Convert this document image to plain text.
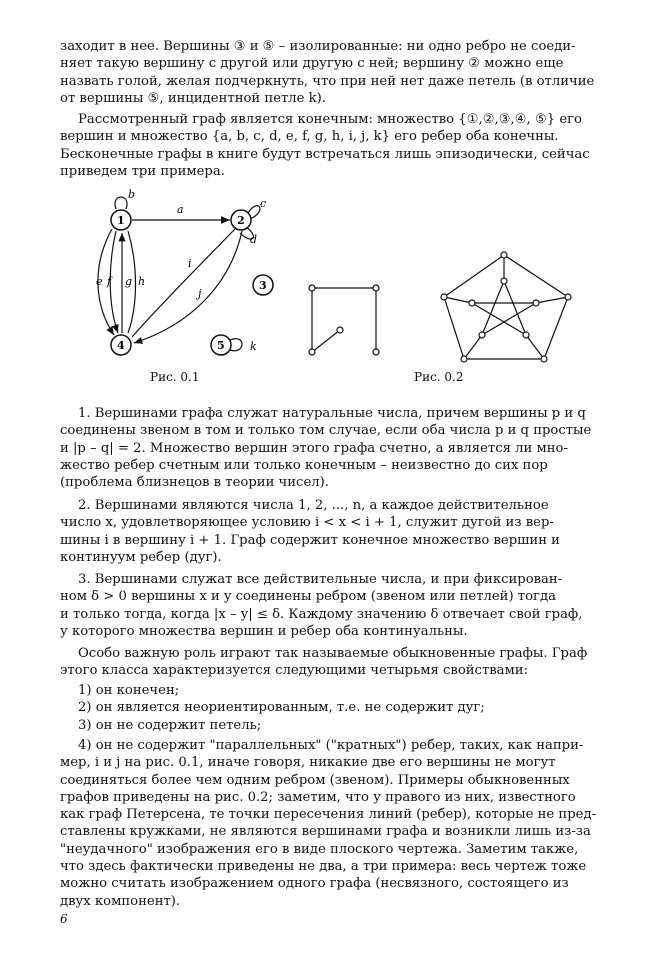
заходит в нее. Вершины ③ и ⑤ – изолированные: ни одно ребро не соеди-
няет такую вершину с другой или другую с ней; вершину ② можно еще
назвать голой, желая подчеркнуть, что при ней нет даже петель (в отличие
от вершины ⑤, инцидентной петле k).
Рассмотренный граф является конечным: множество {①,②,③,④, ⑤} его
вершин и множество {a, b, c, d, e, f, g, h, i, j, k} его ребер оба конечны.
Бесконечные графы в книге будут встречаться лишь эпизодически, сейчас
приведем три примера.
a
b
c
d
e f g h
i
j
1	2
3
4	5 k
Рис. 0.1	Рис. 0.2
1. Вершинами графа служат натуральные числа, причем вершины p и q
соединены звеном в том и только том случае, если оба числа p и q простые
и |p – q| = 2. Множество вершин этого графа счетно, а является ли мно-
жество ребер счетным или только конечным – неизвестно до сих пор
(проблема близнецов в теории чисел).
2. Вершинами являются числа 1, 2, ..., n, а каждое действительное
число x, удовлетворяющее условию i < x < i + 1, служит дугой из вер-
шины i в вершину i + 1. Граф содержит конечное множество вершин и
континуум ребер (дуг).
3. Вершинами служат все действительные числа, и при фиксирован-
ном δ > 0 вершины x и y соединены ребром (звеном или петлей) тогда
и только тогда, когда |x – y| ≤ δ. Каждому значению δ отвечает свой граф,
у которого множества вершин и ребер оба континуальны.
Особо важную роль играют так называемые обыкновенные графы. Граф
этого класса характеризуется следующими четырьмя свойствами:
1) он конечен;
2) он является неориентированным, т.е. не содержит дуг;
3) он не содержит петель;
4) он не содержит "параллельных" ("кратных") ребер, таких, как напри-
мер, i и j на рис. 0.1, иначе говоря, никакие две его вершины не могут
соединяться более чем одним ребром (звеном). Примеры обыкновенных
графов приведены на рис. 0.2; заметим, что у правого из них, известного
как граф Петерсена, те точки пересечения линий (ребер), которые не пред-
ставлены кружками, не являются вершинами графа и возникли лишь из-за
"неудачного" изображения его в виде плоского чертежа. Заметим также,
что здесь фактически приведены не два, а три примера: весь чертеж тоже
можно считать изображением одного графа (несвязного, состоящего из
двух компонент).
6
